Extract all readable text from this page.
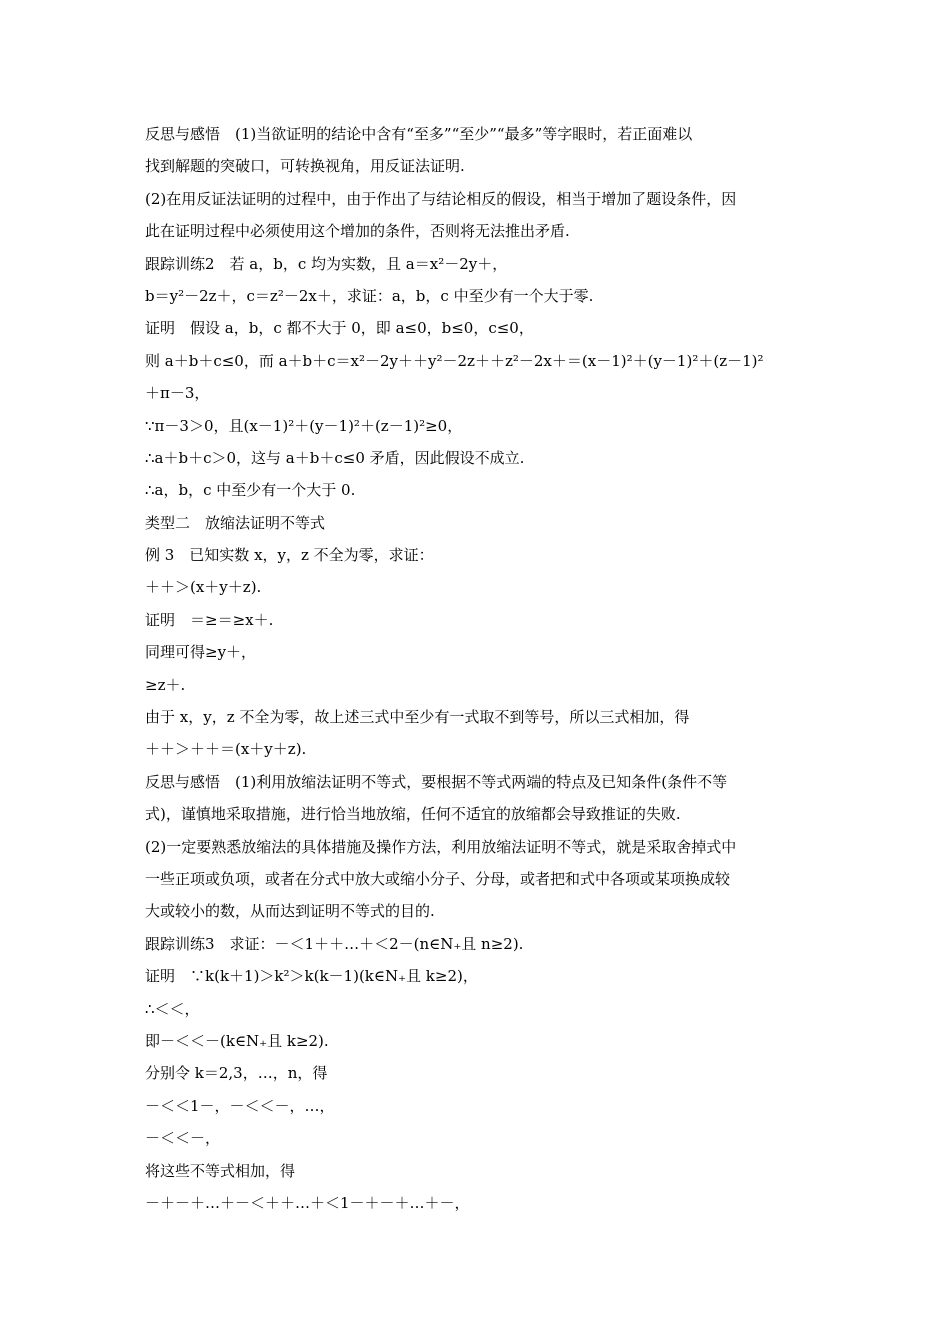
反思与感悟　(1)当欲证明的结论中含有“至多”“至少”“最多”等字眼时，若正面难以
找到解题的突破口，可转换视角，用反证法证明.
(2)在用反证法证明的过程中，由于作出了与结论相反的假设，相当于增加了题设条件，因
此在证明过程中必须使用这个增加的条件，否则将无法推出矛盾.
跟踪训练2　若 a，b，c 均为实数，且 a＝x²－2y＋，
b＝y²－2z＋，c＝z²－2x＋，求证：a，b，c 中至少有一个大于零.
证明　假设 a，b，c 都不大于 0，即 a≤0，b≤0，c≤0，
则 a＋b＋c≤0，而 a＋b＋c＝x²－2y＋＋y²－2z＋＋z²－2x＋＝(x－1)²＋(y－1)²＋(z－1)²
＋π－3，
∵π－3＞0，且(x－1)²＋(y－1)²＋(z－1)²≥0，
∴a＋b＋c＞0，这与 a＋b＋c≤0 矛盾，因此假设不成立.
∴a，b，c 中至少有一个大于 0.
类型二　放缩法证明不等式
例 3　已知实数 x，y，z 不全为零，求证：
＋＋＞(x＋y＋z).
证明　＝≥＝≥x＋.
同理可得≥y＋，
≥z＋.
由于 x，y，z 不全为零，故上述三式中至少有一式取不到等号，所以三式相加，得
＋＋＞＋＋＝(x＋y＋z).
反思与感悟　(1)利用放缩法证明不等式，要根据不等式两端的特点及已知条件(条件不等
式)，谨慎地采取措施，进行恰当地放缩，任何不适宜的放缩都会导致推证的失败.
(2)一定要熟悉放缩法的具体措施及操作方法，利用放缩法证明不等式，就是采取舍掉式中
一些正项或负项，或者在分式中放大或缩小分子、分母，或者把和式中各项或某项换成较
大或较小的数，从而达到证明不等式的目的.
跟踪训练3　求证：－＜1＋＋…＋＜2－(n∈N₊且 n≥2).
证明　∵k(k＋1)＞k²＞k(k－1)(k∈N₊且 k≥2)，
∴＜＜，
即－＜＜－(k∈N₊且 k≥2).
分别令 k＝2,3，…，n，得
－＜＜1－，－＜＜－，…，
－＜＜－，
将这些不等式相加，得
－＋－＋…＋－＜＋＋…＋＜1－＋－＋…＋－，
